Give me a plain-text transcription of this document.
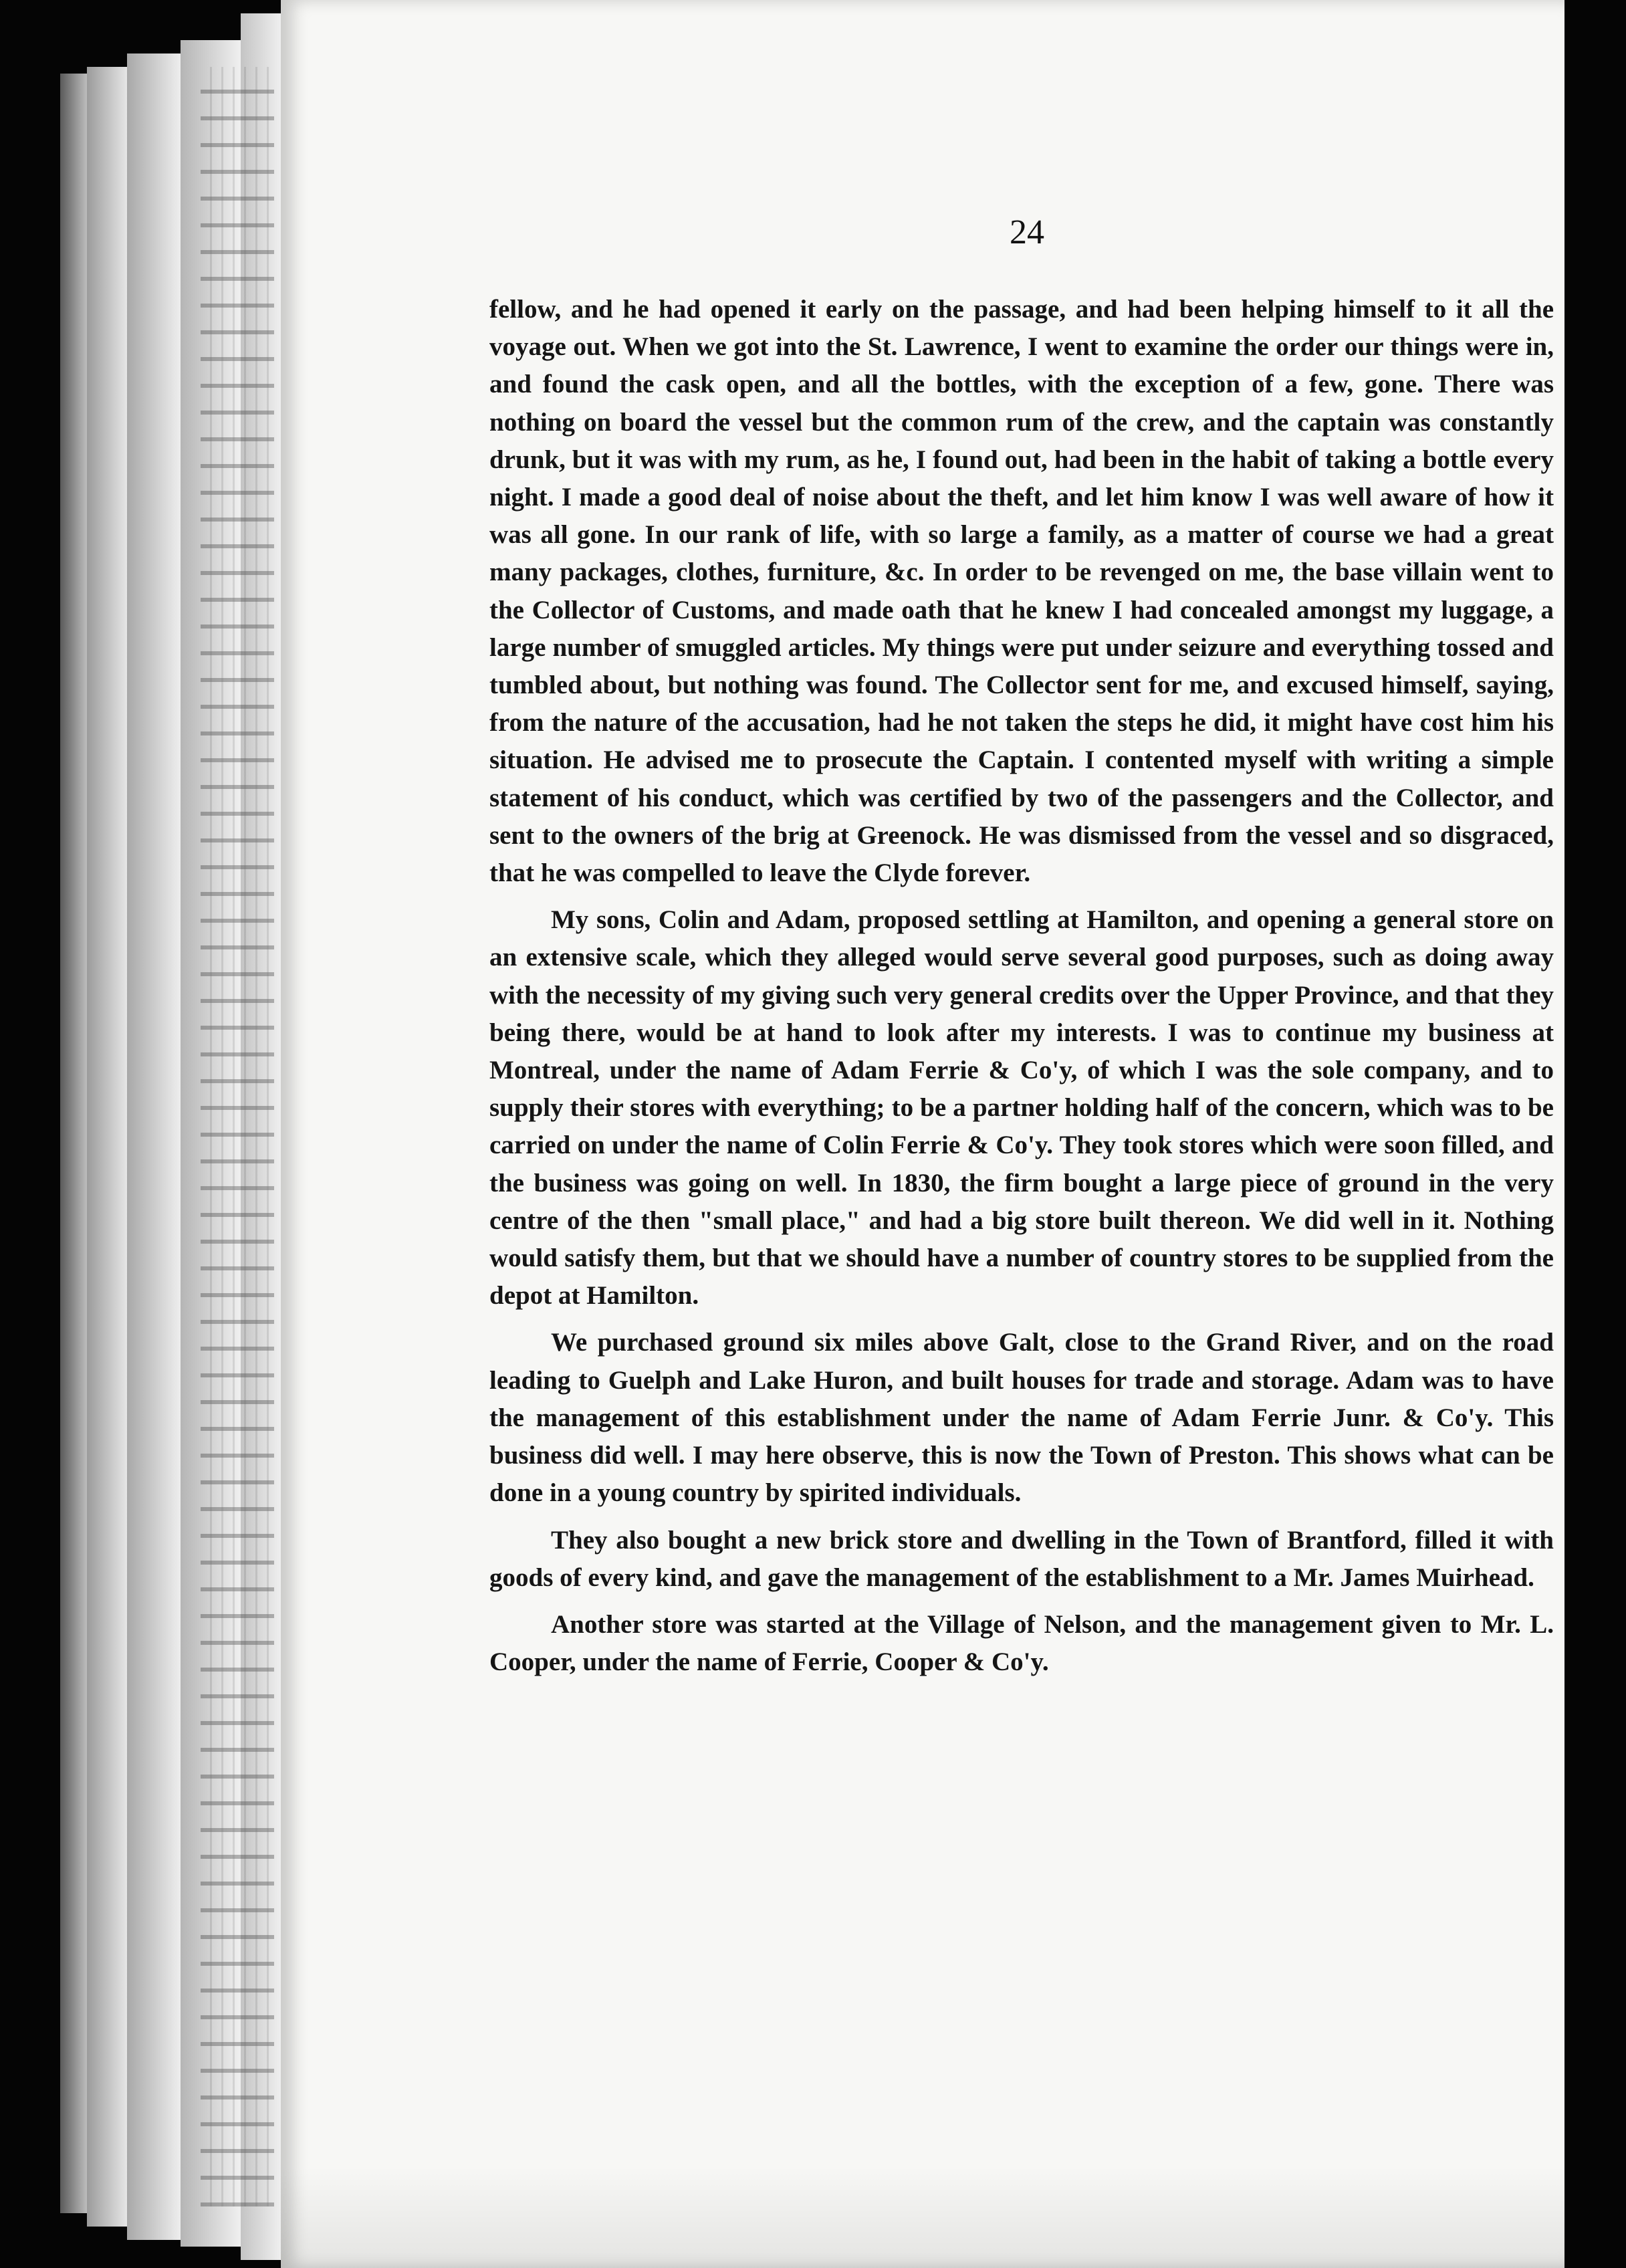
24

fellow, and he had opened it early on the passage, and had been helping himself to it all the voyage out. When we got into the St. Lawrence, I went to examine the order our things were in, and found the cask open, and all the bottles, with the exception of a few, gone. There was nothing on board the vessel but the common rum of the crew, and the captain was constantly drunk, but it was with my rum, as he, I found out, had been in the habit of taking a bottle every night. I made a good deal of noise about the theft, and let him know I was well aware of how it was all gone. In our rank of life, with so large a family, as a matter of course we had a great many packages, clothes, furniture, &c. In order to be revenged on me, the base villain went to the Collector of Customs, and made oath that he knew I had concealed amongst my luggage, a large number of smuggled articles. My things were put under seizure and everything tossed and tumbled about, but nothing was found. The Collector sent for me, and excused himself, saying, from the nature of the accusation, had he not taken the steps he did, it might have cost him his situation. He advised me to prosecute the Captain. I contented myself with writing a simple statement of his conduct, which was certified by two of the passengers and the Collector, and sent to the owners of the brig at Greenock. He was dismissed from the vessel and so disgraced, that he was compelled to leave the Clyde forever.

My sons, Colin and Adam, proposed settling at Hamilton, and opening a general store on an extensive scale, which they alleged would serve several good purposes, such as doing away with the necessity of my giving such very general credits over the Upper Province, and that they being there, would be at hand to look after my interests. I was to continue my business at Montreal, under the name of Adam Ferrie & Co'y, of which I was the sole company, and to supply their stores with everything; to be a partner holding half of the concern, which was to be carried on under the name of Colin Ferrie & Co'y. They took stores which were soon filled, and the business was going on well. In 1830, the firm bought a large piece of ground in the very centre of the then "small place," and had a big store built thereon. We did well in it. Nothing would satisfy them, but that we should have a number of country stores to be supplied from the depot at Hamilton.

We purchased ground six miles above Galt, close to the Grand River, and on the road leading to Guelph and Lake Huron, and built houses for trade and storage. Adam was to have the management of this establishment under the name of Adam Ferrie Junr. & Co'y. This business did well. I may here observe, this is now the Town of Preston. This shows what can be done in a young country by spirited individuals.

They also bought a new brick store and dwelling in the Town of Brantford, filled it with goods of every kind, and gave the management of the establishment to a Mr. James Muirhead.

Another store was started at the Village of Nelson, and the management given to Mr. L. Cooper, under the name of Ferrie, Cooper & Co'y.
